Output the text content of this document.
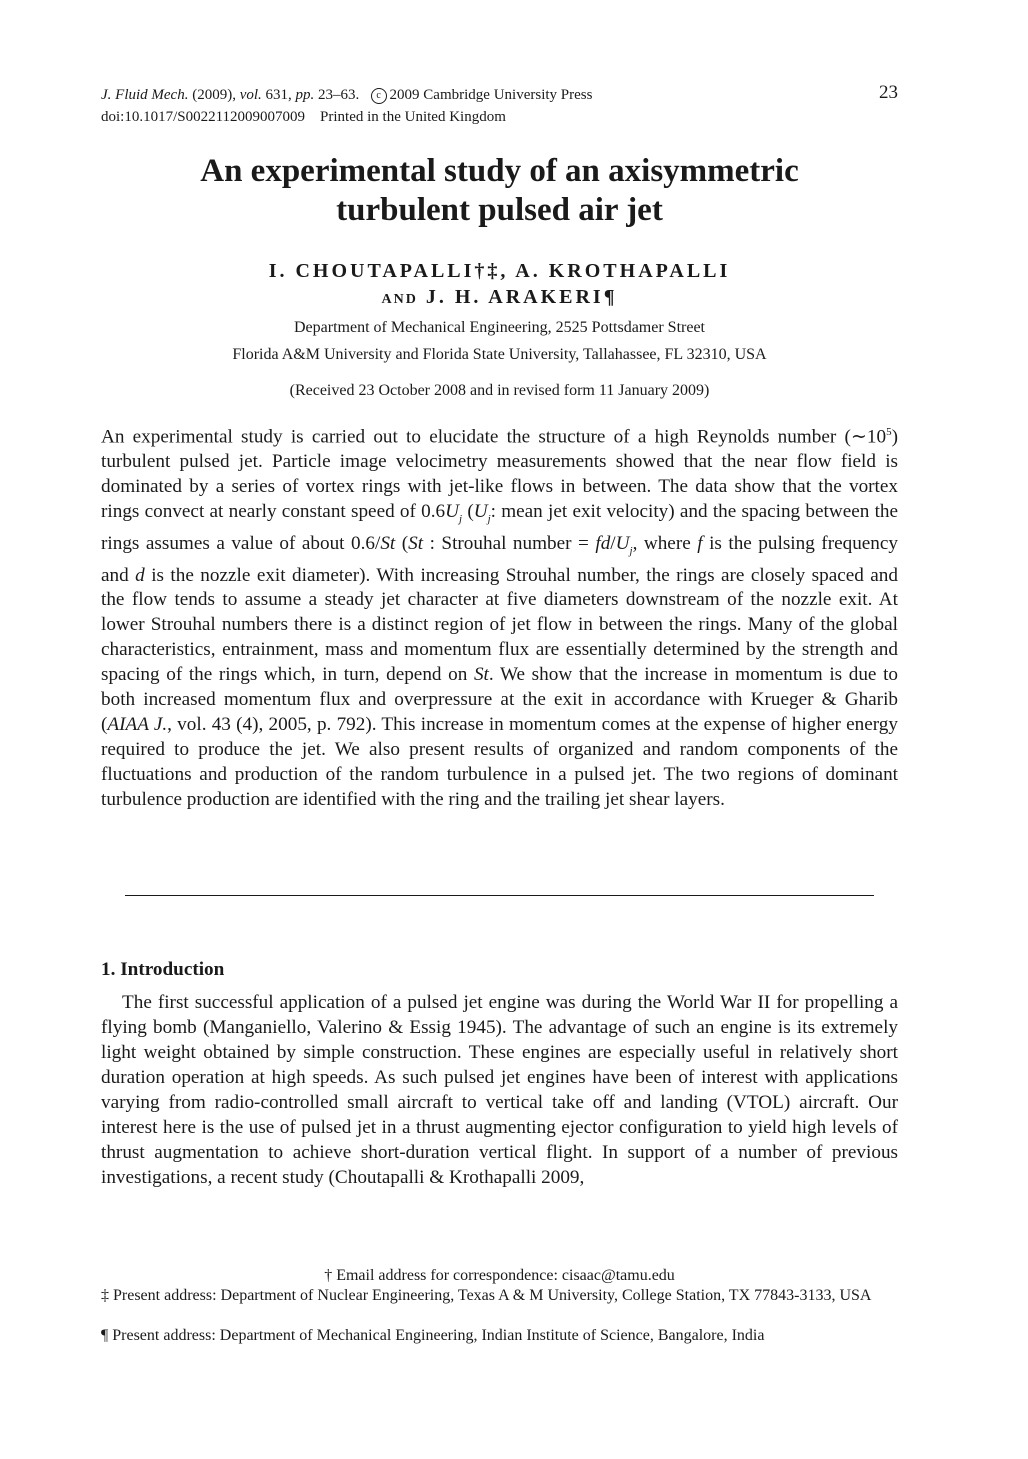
J. Fluid Mech. (2009), vol. 631, pp. 23–63. c 2009 Cambridge University Press
doi:10.1017/S0022112009007009 Printed in the United Kingdom
23
An experimental study of an axisymmetric
turbulent pulsed air jet
I. CHOUTAPALLI†‡, A. KROTHAPALLI
AND J. H. ARAKERI¶
Department of Mechanical Engineering, 2525 Pottsdamer Street
Florida A&M University and Florida State University, Tallahassee, FL 32310, USA
(Received 23 October 2008 and in revised form 11 January 2009)

An experimental study is carried out to elucidate the structure of a high Reynolds number $(\sim 10^5)$ turbulent pulsed jet. Particle image velocimetry measurements showed that the near flow field is dominated by a series of vortex rings with jet-like flows in between. The data show that the vortex rings convect at nearly constant speed of $0.6U_j$ ($U_j$: mean jet exit velocity) and the spacing between the rings assumes a value of about 0.6/St (St : Strouhal number = $fd/U_j$, where f is the pulsing frequency and d is the nozzle exit diameter). With increasing Strouhal number, the rings are closely spaced and the flow tends to assume a steady jet character at five diameters downstream of the nozzle exit. At lower Strouhal numbers there is a distinct region of jet flow in between the rings. Many of the global characteristics, entrainment, mass and momentum flux are essentially determined by the strength and spacing of the rings which, in turn, depend on St. We show that the increase in momentum is due to both increased momentum flux and overpressure at the exit in accordance with Krueger & Gharib (AIAA J., vol. 43 (4), 2005, p. 792). This increase in momentum comes at the expense of higher energy required to produce the jet. We also present results of organized and random components of the fluctuations and production of the random turbulence in a pulsed jet. The two regions of dominant turbulence production are identified with the ring and the trailing jet shear layers.

1. Introduction

The first successful application of a pulsed jet engine was during the World War II for propelling a flying bomb (Manganiello, Valerino & Essig 1945). The advantage of such an engine is its extremely light weight obtained by simple construction. These engines are especially useful in relatively short duration operation at high speeds. As such pulsed jet engines have been of interest with applications varying from radio-controlled small aircraft to vertical take off and landing (VTOL) aircraft. Our interest here is the use of pulsed jet in a thrust augmenting ejector configuration to yield high levels of thrust augmentation to achieve short-duration vertical flight. In support of a number of previous investigations, a recent study (Choutapalli & Krothapalli 2009,

† Email address for correspondence: cisaac@tamu.edu

‡ Present address: Department of Nuclear Engineering, Texas A & M University, College Station, TX 77843-3133, USA

¶ Present address: Department of Mechanical Engineering, Indian Institute of Science, Bangalore, India
